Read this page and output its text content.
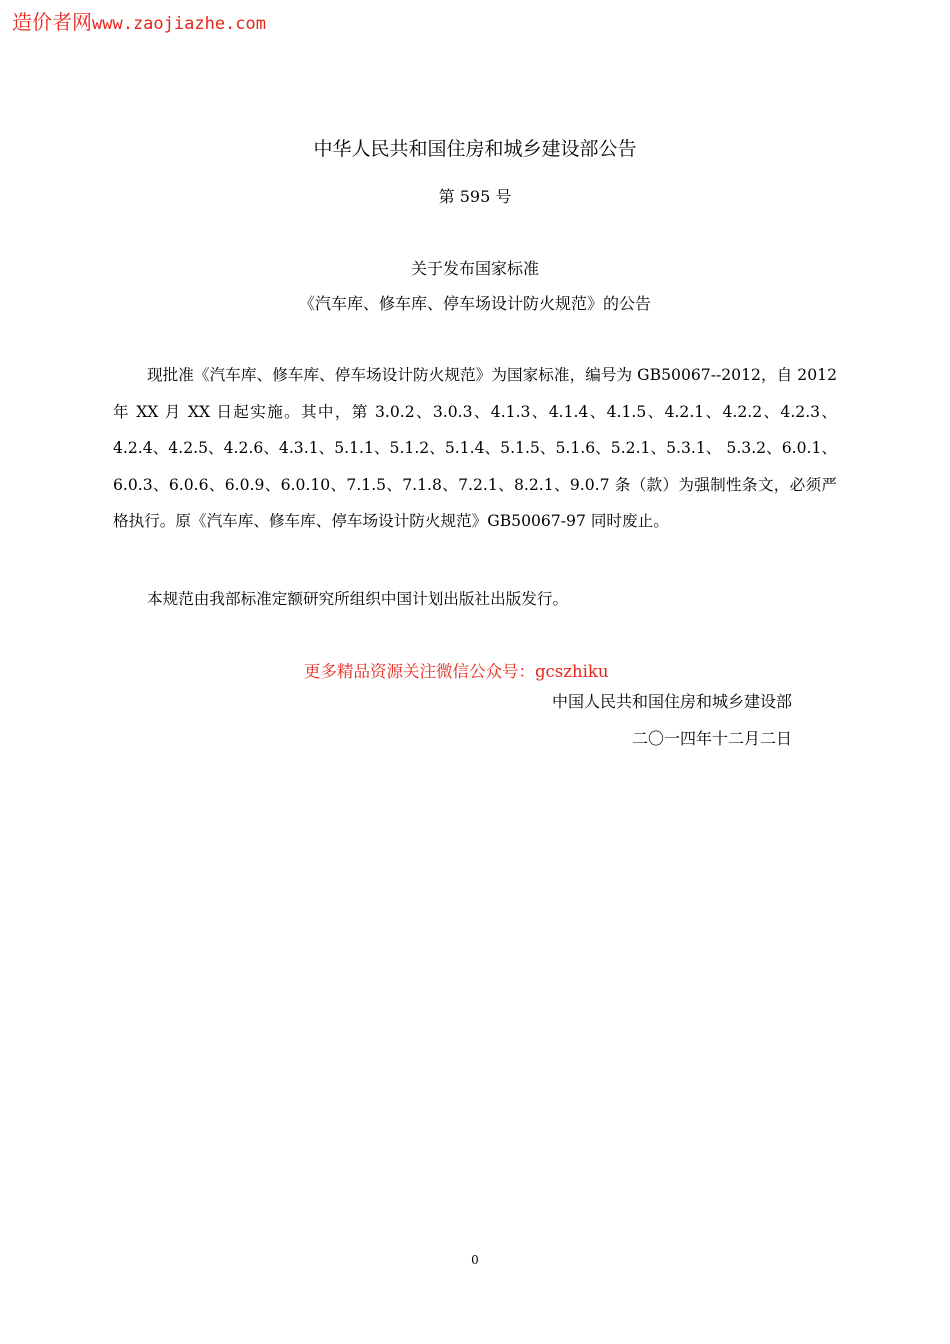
造价者网www.zaojiazhe.com
中华人民共和国住房和城乡建设部公告
第 595 号
关于发布国家标准
《汽车库、修车库、停车场设计防火规范》的公告
现批准《汽车库、修车库、停车场设计防火规范》为国家标准，编号为 GB50067--2012，自 2012 年 XX 月 XX 日起实施。其中，第 3.0.2、3.0.3、4.1.3、4.1.4、4.1.5、4.2.1、4.2.2、4.2.3、4.2.4、4.2.5、4.2.6、4.3.1、5.1.1、5.1.2、5.1.4、5.1.5、5.1.6、5.2.1、5.3.1、 5.3.2、6.0.1、6.0.3、6.0.6、6.0.9、6.0.10、7.1.5、7.1.8、7.2.1、8.2.1、9.0.7 条（款）为强制性条文，必须严格执行。原《汽车库、修车库、停车场设计防火规范》GB50067-97 同时废止。
本规范由我部标准定额研究所组织中国计划出版社出版发行。
更多精品资源关注微信公众号：gcszhiku
中国人民共和国住房和城乡建设部
二〇一四年十二月二日
0
